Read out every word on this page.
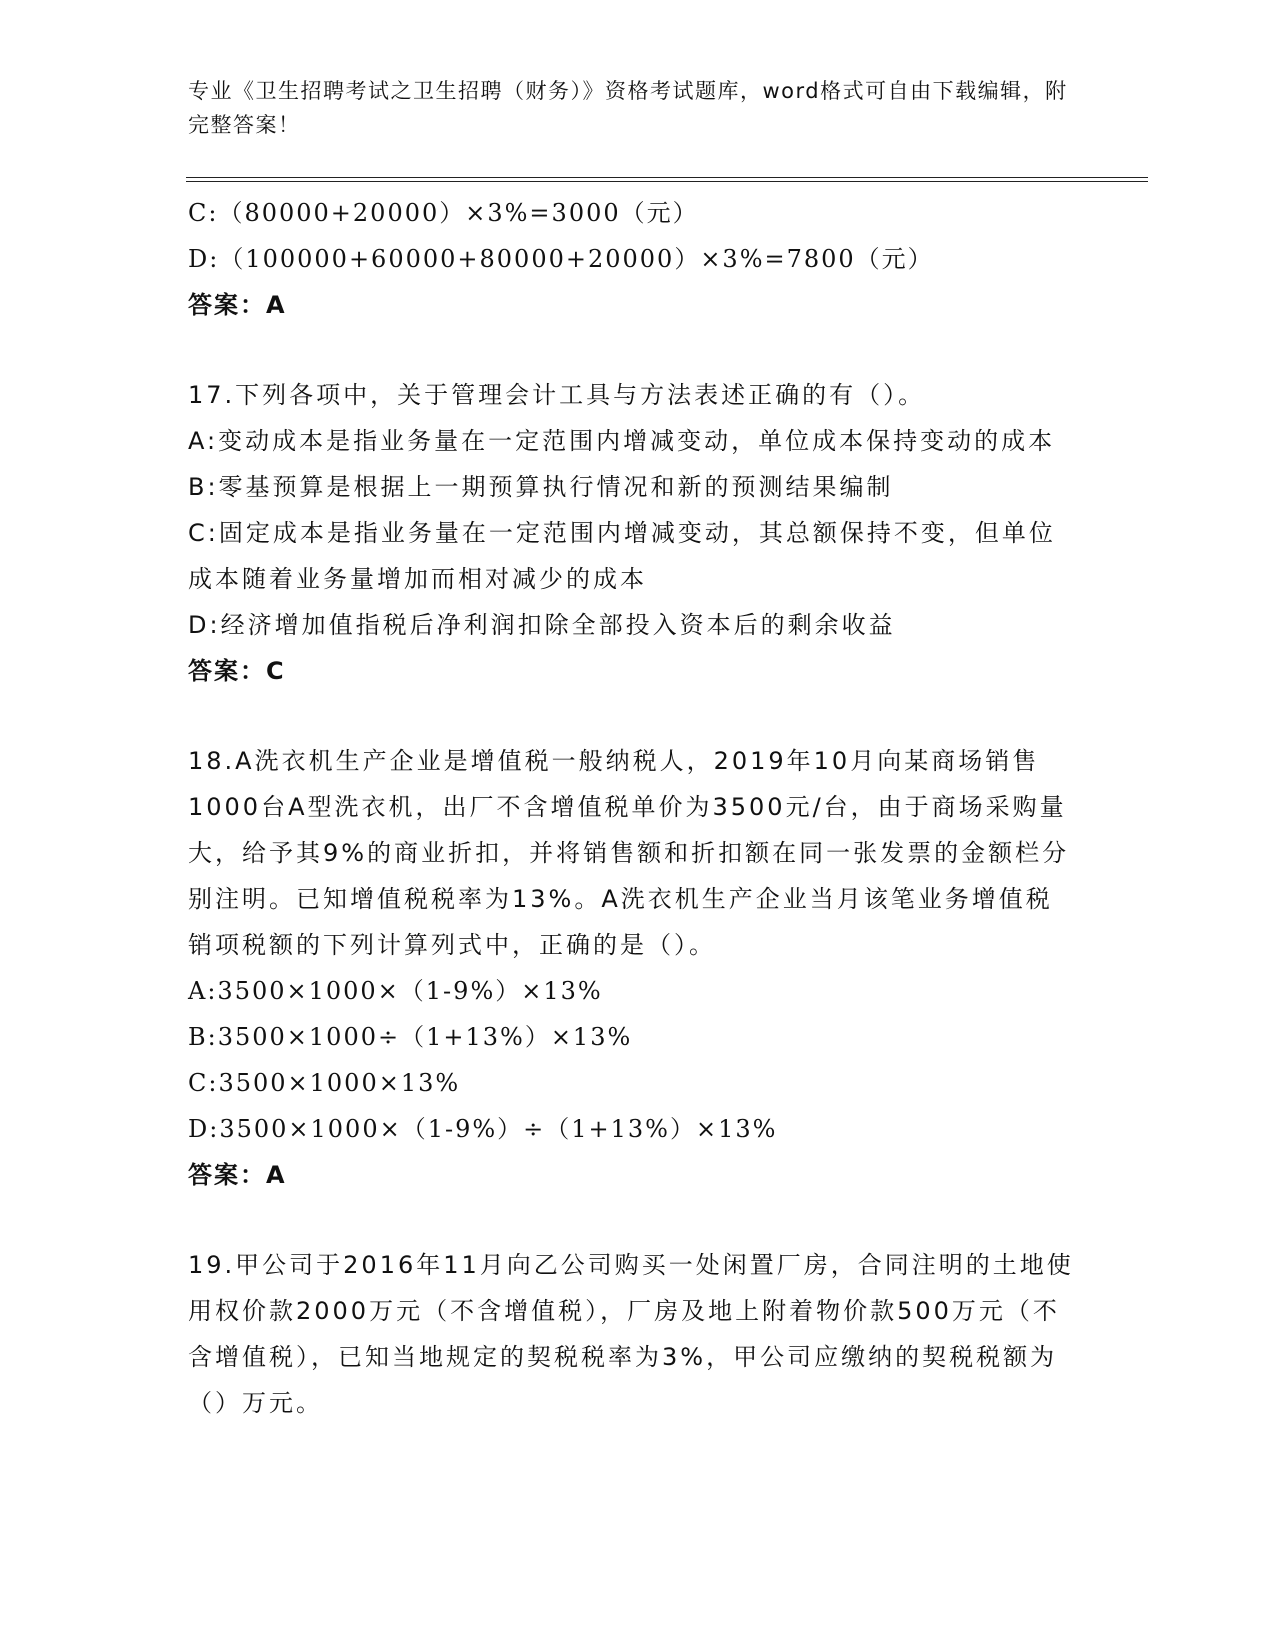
专业《卫生招聘考试之卫生招聘（财务）》资格考试题库，word格式可自由下载编辑，附完整答案！
C:（80000+20000）×3%=3000（元）
D:（100000+60000+80000+20000）×3%=7800（元）
答案：A
17.下列各项中，关于管理会计工具与方法表述正确的有（）。
A:变动成本是指业务量在一定范围内增减变动，单位成本保持变动的成本
B:零基预算是根据上一期预算执行情况和新的预测结果编制
C:固定成本是指业务量在一定范围内增减变动，其总额保持不变，但单位成本随着业务量增加而相对减少的成本
D:经济增加值指税后净利润扣除全部投入资本后的剩余收益
答案：C
18.A洗衣机生产企业是增值税一般纳税人，2019年10月向某商场销售1000台A型洗衣机，出厂不含增值税单价为3500元/台，由于商场采购量大，给予其9%的商业折扣，并将销售额和折扣额在同一张发票的金额栏分别注明。已知增值税税率为13%。A洗衣机生产企业当月该笔业务增值税销项税额的下列计算列式中，正确的是（）。
A:3500×1000×（1-9%）×13%
B:3500×1000÷（1+13%）×13%
C:3500×1000×13%
D:3500×1000×（1-9%）÷（1+13%）×13%
答案：A
19.甲公司于2016年11月向乙公司购买一处闲置厂房，合同注明的土地使用权价款2000万元（不含增值税），厂房及地上附着物价款500万元（不含增值税），已知当地规定的契税税率为3%，甲公司应缴纳的契税税额为（）万元。
